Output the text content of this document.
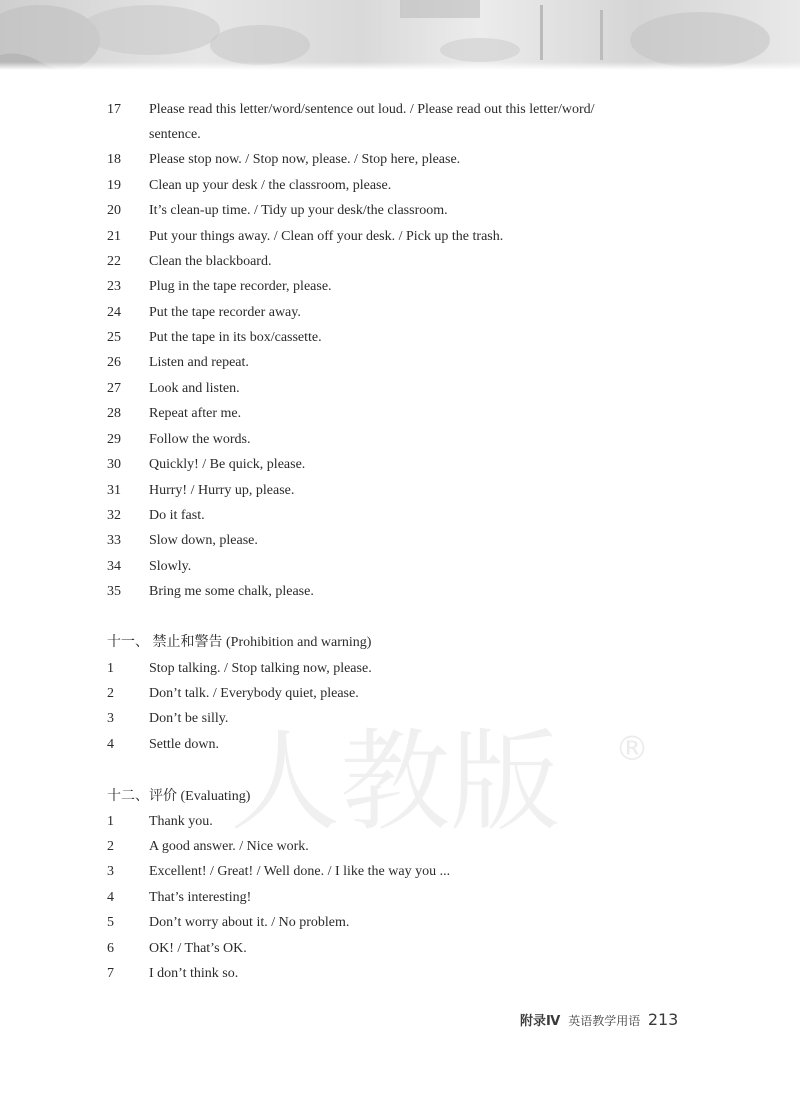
人教版 ®
17	Please read this letter/word/sentence out loud. / Please read out this letter/word/
sentence.
18	Please stop now. / Stop now, please. / Stop here, please.
19	Clean up your desk / the classroom, please.
20	It’s clean-up time. / Tidy up your desk/the classroom.
21	Put your things away. / Clean off your desk. / Pick up the trash.
22	Clean the blackboard.
23	Plug in the tape recorder, please.
24	Put the tape recorder away.
25	Put the tape in its box/cassette.
26	Listen and repeat.
27	Look and listen.
28	Repeat after me.
29	Follow the words.
30	Quickly! / Be quick, please.
31	Hurry! / Hurry up, please.
32	Do it fast.
33	Slow down, please.
34	Slowly.
35	Bring me some chalk, please.
十一、 禁止和警告 (Prohibition and warning)
1	Stop talking. / Stop talking now, please.
2	Don’t talk. / Everybody quiet, please.
3	Don’t be silly.
4	Settle down.
十二、评价 (Evaluating)
1	Thank you.
2	A good answer. / Nice work.
3	Excellent! / Great! / Well done. / I like the way you ...
4	That’s interesting!
5	Don’t worry about it. / No problem.
6	OK! / That’s OK.
7	I don’t think so.
附录Ⅳ 英语教学用语 213
